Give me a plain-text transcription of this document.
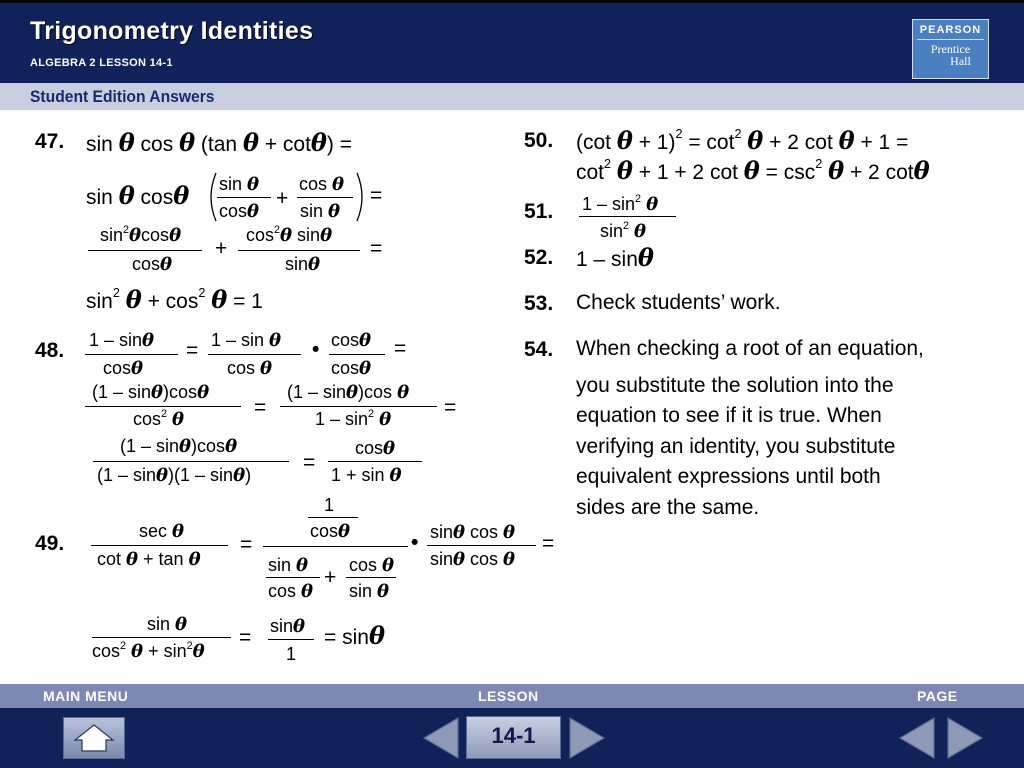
Trigonometry Identities
ALGEBRA 2 LESSON 14-1
PEARSON
Prentice
Hall
Student Edition Answers
47. sin θ cos θ (tan θ + cotθ) =
sin θ cosθ sin θ
cosθ
+
cos θ
sin θ
=
$\sin^2\theta\cos\theta$
cosθ
+
$\cos^2\theta$ sinθ
sinθ
=
$\sin^2 \theta + \cos^2 \theta = 1$
48. 1 – sinθ
cosθ
= 1 – sin θ
cos θ
• cosθ
cosθ
=
(1 – sinθ)cosθ
$\cos^2 \theta$
=
(1 – sinθ)cos θ
$1 - \sin^2 \theta$
=
(1 – sinθ)cosθ
(1 – sinθ)(1 – sinθ)
=
cosθ
1 + sin θ
49.
sec θ
cot θ + tan θ
=
1
cosθ
sin θ
cos θ
+
cos θ
sin θ
• sinθ cos θ
sinθ cos θ
=
sin θ
$\cos^2 \theta + \sin^2\theta$
= sinθ
1
= sinθ
50. (cot $\theta + 1)^2 = \cot^2 \theta + 2$ cot θ + 1 =
$\cot^2 \theta + 1 + 2$ $\cot \theta = \csc^2 \theta + 2$ cotθ
51. $1 - \sin^2 \theta$
$\sin^2 \theta$
52. 1 – sinθ
53. Check students’ work.
54. When checking a root of an equation,
you substitute the solution into the
equation to see if it is true. When
verifying an identity, you substitute
equivalent expressions until both
sides are the same.
MAIN MENU	LESSON	PAGE
14-1
